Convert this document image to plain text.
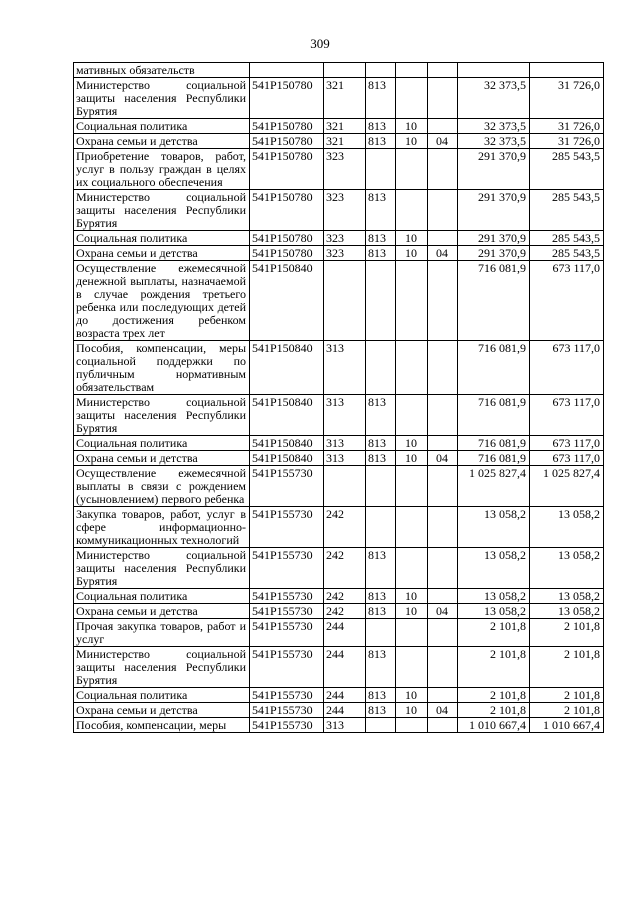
309
мативных обязательств							
Министерство социальной защиты населения Республики Бурятия	541P150780	321	813			32 373,5	31 726,0
Социальная политика	541P150780	321	813	10		32 373,5	31 726,0
Охрана семьи и детства	541P150780	321	813	10	04	32 373,5	31 726,0
Приобретение товаров, работ, услуг в пользу граждан в целях их социального обеспечения	541P150780	323				291 370,9	285 543,5
Министерство социальной защиты населения Республики Бурятия	541P150780	323	813			291 370,9	285 543,5
Социальная политика	541P150780	323	813	10		291 370,9	285 543,5
Охрана семьи и детства	541P150780	323	813	10	04	291 370,9	285 543,5
Осуществление ежемесячной денежной выплаты, назначаемой в случае рождения третьего ребенка или последующих детей до достижения ребенком возраста трех лет	541P150840					716 081,9	673 117,0
Пособия, компенсации, меры социальной поддержки по публичным нормативным обязательствам	541P150840	313				716 081,9	673 117,0
Министерство социальной защиты населения Республики Бурятия	541P150840	313	813			716 081,9	673 117,0
Социальная политика	541P150840	313	813	10		716 081,9	673 117,0
Охрана семьи и детства	541P150840	313	813	10	04	716 081,9	673 117,0
Осуществление ежемесячной выплаты в связи с рождением (усыновлением) первого ребенка	541P155730					1 025 827,4	1 025 827,4
Закупка товаров, работ, услуг в сфере информационно-коммуникационных технологий	541P155730	242				13 058,2	13 058,2
Министерство социальной защиты населения Республики Бурятия	541P155730	242	813			13 058,2	13 058,2
Социальная политика	541P155730	242	813	10		13 058,2	13 058,2
Охрана семьи и детства	541P155730	242	813	10	04	13 058,2	13 058,2
Прочая закупка товаров, работ и услуг	541P155730	244				2 101,8	2 101,8
Министерство социальной защиты населения Республики Бурятия	541P155730	244	813			2 101,8	2 101,8
Социальная политика	541P155730	244	813	10		2 101,8	2 101,8
Охрана семьи и детства	541P155730	244	813	10	04	2 101,8	2 101,8
Пособия, компенсации, меры	541P155730	313				1 010 667,4	1 010 667,4
